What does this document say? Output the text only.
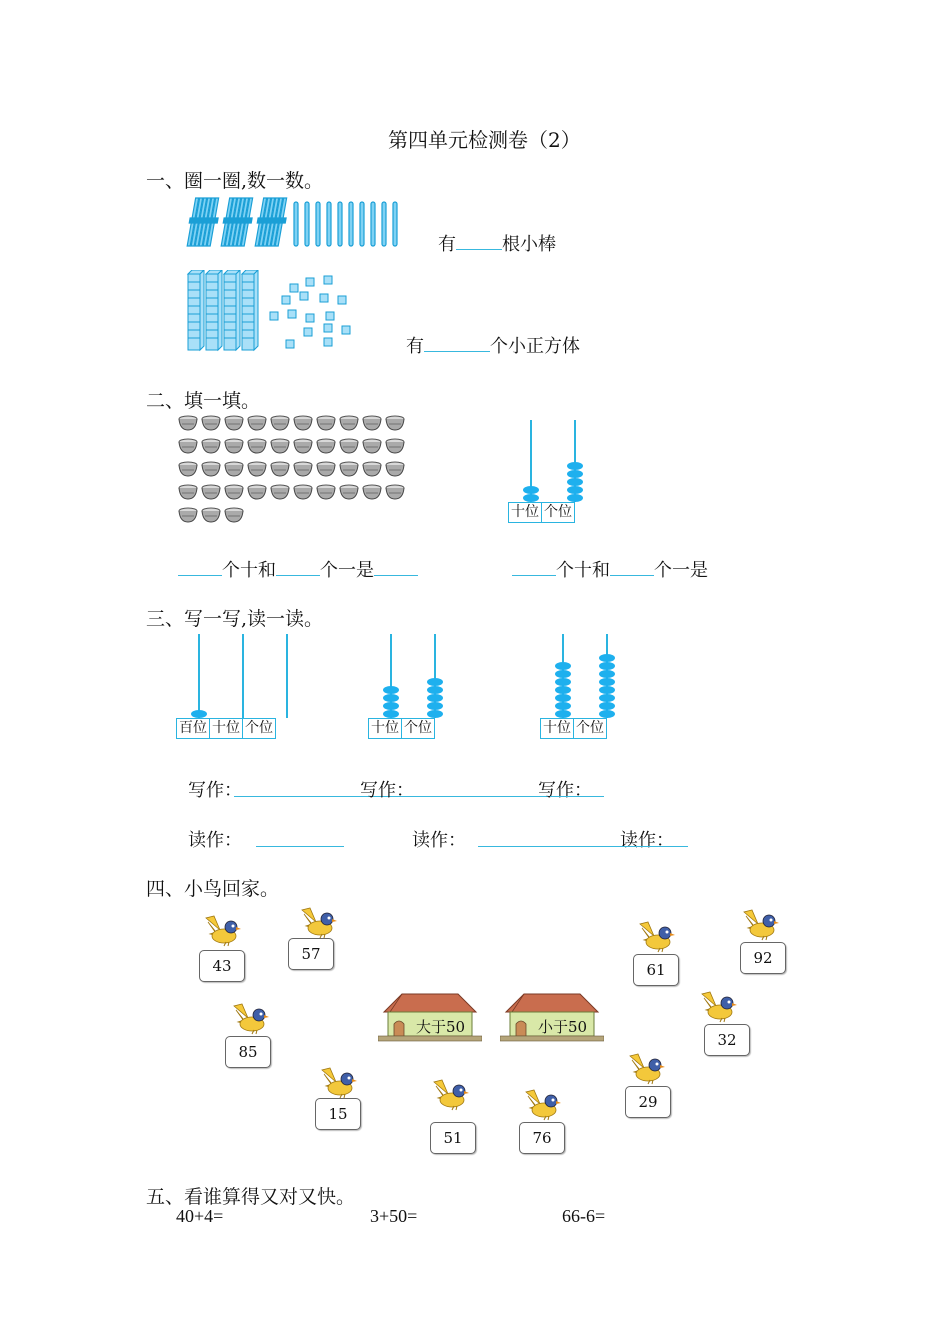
第四单元检测卷（2）
一、圈一圈,数一数。
有	根小棒
有	个小正方体
二、填一填。
十位 个位
个十和 个一是	个十和 个一是
三、写一写,读一读。
百位 十位 个位	十位 个位	十位 个位
写作：	写作：	写作：
读作：	读作：	读作：
四、小鸟回家。
大于50	小于50
43
57
61
92
85
32
15
51	76
29
五、看谁算得又对又快。
40+4=	3+50=	66-6=
